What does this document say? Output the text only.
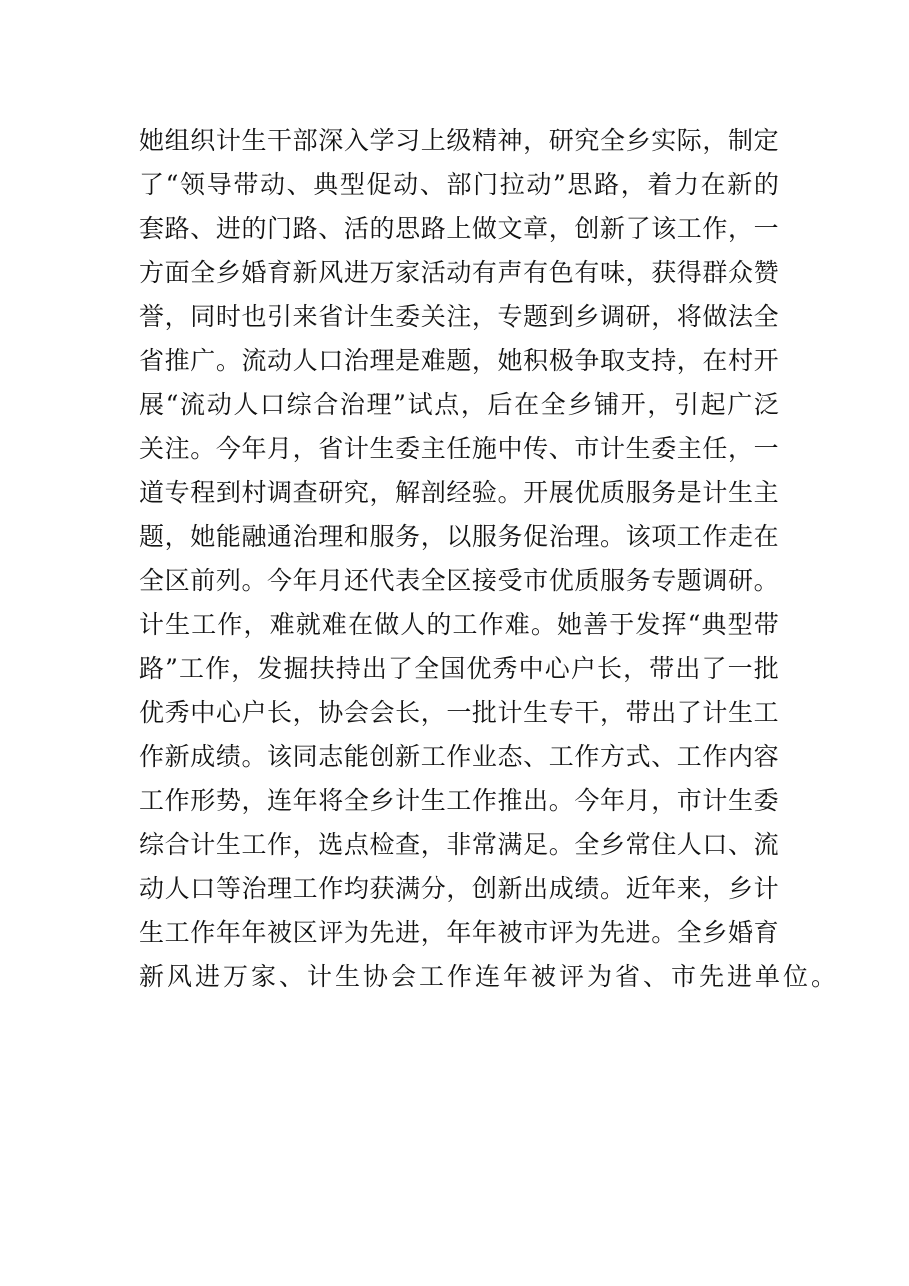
她 组 织 计 生 干 部 深 入 学 习 上 级 精 神 ， 研 究 全 乡 实 际 ， 制 定
了 “ 领 导 带 动 、 典 型 促 动 、 部 门 拉 动 ” 思 路 ， 着 力 在 新 的
套 路 、 进 的 门 路 、 活 的 思 路 上 做 文 章 ， 创 新 了 该 工 作 ， 一
方 面 全 乡 婚 育 新 风 进 万 家 活 动 有 声 有 色 有 味 ， 获 得 群 众 赞
誉 ， 同 时 也 引 来 省 计 生 委 关 注 ， 专 题 到 乡 调 研 ， 将 做 法 全
省 推 广 。 流 动 人 口 治 理 是 难 题 ， 她 积 极 争 取 支 持 ， 在 村 开
展 “ 流 动 人 口 综 合 治 理 ” 试 点 ， 后 在 全 乡 铺 开 ， 引 起 广 泛
关 注 。 今 年 月 ， 省 计 生 委 主 任 施 中 传 、 市 计 生 委 主 任 ， 一
道 专 程 到 村 调 查 研 究 ， 解 剖 经 验 。 开 展 优 质 服 务 是 计 生 主
题 ， 她 能 融 通 治 理 和 服 务 ， 以 服 务 促 治 理 。 该 项 工 作 走 在
全 区 前 列 。 今 年 月 还 代 表 全 区 接 受 市 优 质 服 务 专 题 调 研 。
计 生 工 作 ， 难 就 难 在 做 人 的 工 作 难 。 她 善 于 发 挥 “ 典 型 带
路 ” 工 作 ， 发 掘 扶 持 出 了 全 国 优 秀 中 心 户 长 ， 带 出 了 一 批
优 秀 中 心 户 长 ， 协 会 会 长 ， 一 批 计 生 专 干 ， 带 出 了 计 生 工
作 新 成 绩 。 该 同 志 能 创 新 工 作 业 态 、 工 作 方 式 、 工 作 内 容
工 作 形 势 ， 连 年 将 全 乡 计 生 工 作 推 出 。 今 年 月 ， 市 计 生 委
综 合 计 生 工 作 ， 选 点 检 查 ， 非 常 满 足 。 全 乡 常 住 人 口 、 流
动 人 口 等 治 理 工 作 均 获 满 分 ， 创 新 出 成 绩 。 近 年 来 ， 乡 计
生 工 作 年 年 被 区 评 为 先 进 ， 年 年 被 市 评 为 先 进 。 全 乡 婚 育
新风进万家、计生协会工作连年被评为省、市先进单位。
